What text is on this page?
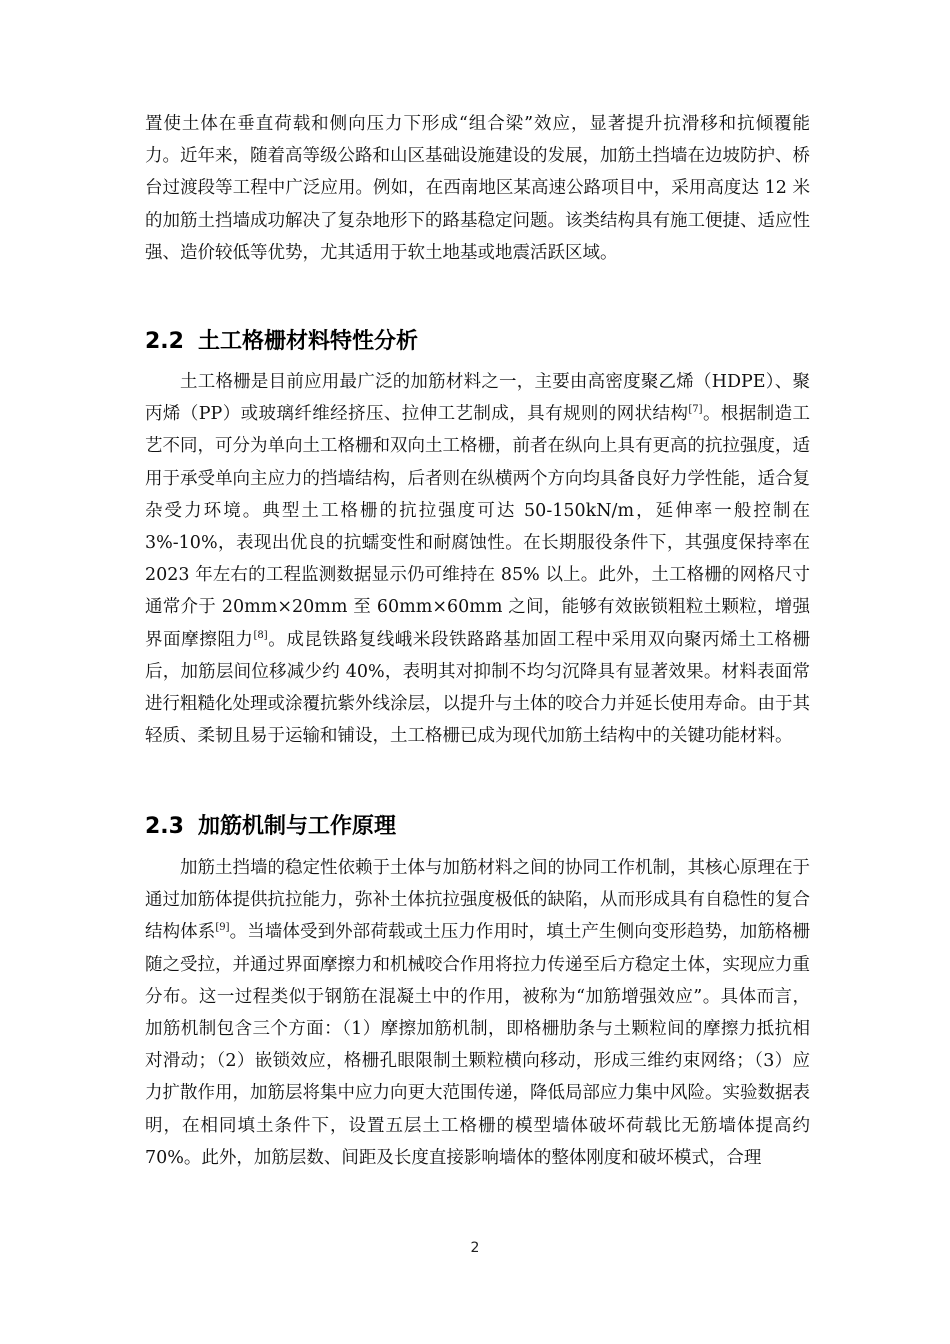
置使土体在垂直荷载和侧向压力下形成“组合梁”效应，显著提升抗滑移和抗倾覆能力。近年来，随着高等级公路和山区基础设施建设的发展，加筋土挡墙在边坡防护、桥台过渡段等工程中广泛应用。例如，在西南地区某高速公路项目中，采用高度达 12 米的加筋土挡墙成功解决了复杂地形下的路基稳定问题。该类结构具有施工便捷、适应性强、造价较低等优势，尤其适用于软土地基或地震活跃区域。

2.2 土工格栅材料特性分析

土工格栅是目前应用最广泛的加筋材料之一，主要由高密度聚乙烯（HDPE）、聚丙烯（PP）或玻璃纤维经挤压、拉伸工艺制成，具有规则的网状结构[7]。根据制造工艺不同，可分为单向土工格栅和双向土工格栅，前者在纵向上具有更高的抗拉强度，适用于承受单向主应力的挡墙结构，后者则在纵横两个方向均具备良好力学性能，适合复杂受力环境。典型土工格栅的抗拉强度可达 50-150kN/m，延伸率一般控制在 3%-10%，表现出优良的抗蠕变性和耐腐蚀性。在长期服役条件下，其强度保持率在 2023 年左右的工程监测数据显示仍可维持在 85% 以上。此外，土工格栅的网格尺寸通常介于 20mm×20mm 至 60mm×60mm 之间，能够有效嵌锁粗粒土颗粒，增强界面摩擦阻力[8]。成昆铁路复线峨米段铁路路基加固工程中采用双向聚丙烯土工格栅后，加筋层间位移减少约 40%，表明其对抑制不均匀沉降具有显著效果。材料表面常进行粗糙化处理或涂覆抗紫外线涂层，以提升与土体的咬合力并延长使用寿命。由于其轻质、柔韧且易于运输和铺设，土工格栅已成为现代加筋土结构中的关键功能材料。

2.3 加筋机制与工作原理

加筋土挡墙的稳定性依赖于土体与加筋材料之间的协同工作机制，其核心原理在于通过加筋体提供抗拉能力，弥补土体抗拉强度极低的缺陷，从而形成具有自稳性的复合结构体系[9]。当墙体受到外部荷载或土压力作用时，填土产生侧向变形趋势，加筋格栅随之受拉，并通过界面摩擦力和机械咬合作用将拉力传递至后方稳定土体，实现应力重分布。这一过程类似于钢筋在混凝土中的作用，被称为“加筋增强效应”。具体而言，加筋机制包含三个方面：（1）摩擦加筋机制，即格栅肋条与土颗粒间的摩擦力抵抗相对滑动；（2）嵌锁效应，格栅孔眼限制土颗粒横向移动，形成三维约束网络；（3）应力扩散作用，加筋层将集中应力向更大范围传递，降低局部应力集中风险。实验数据表明，在相同填土条件下，设置五层土工格栅的模型墙体破坏荷载比无筋墙体提高约 70%。此外，加筋层数、间距及长度直接影响墙体的整体刚度和破坏模式，合理

2
